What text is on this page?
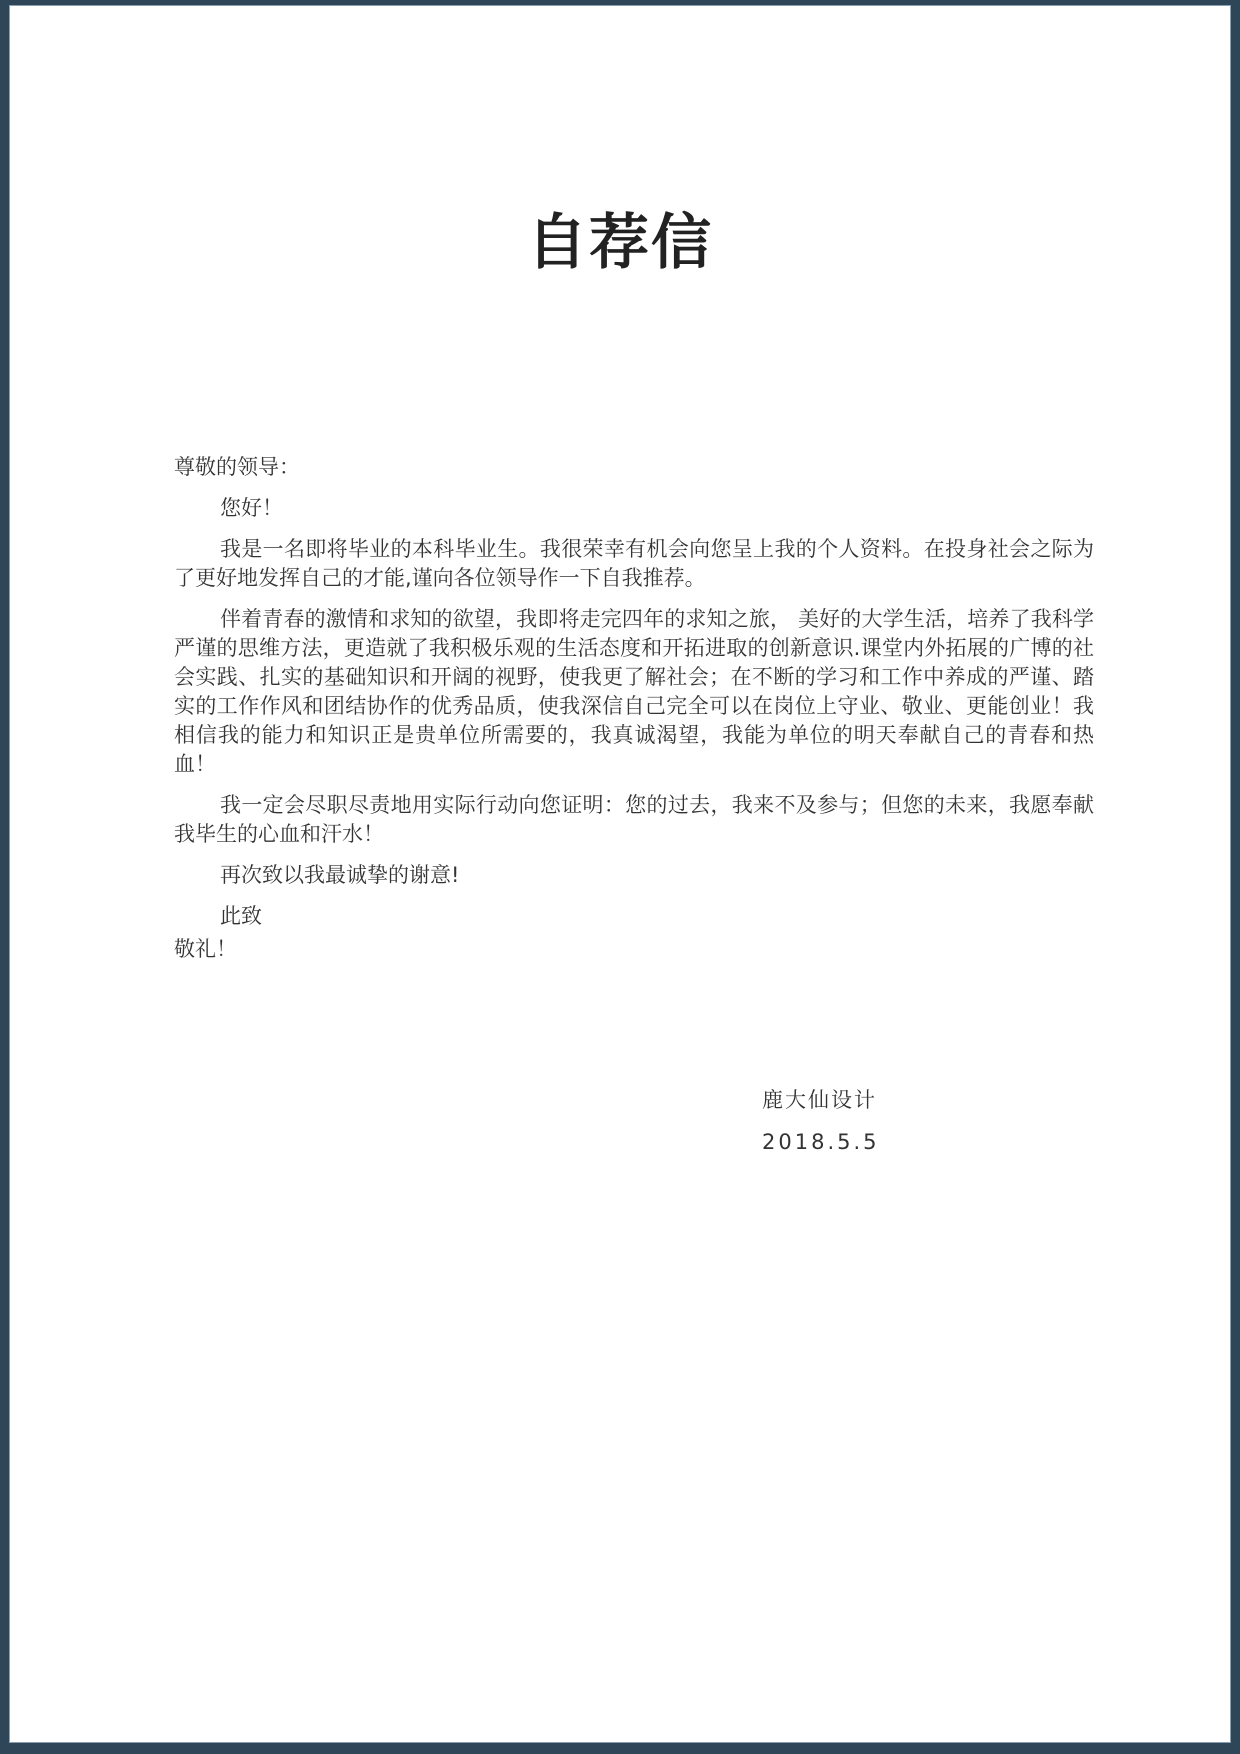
自荐信

尊敬的领导：

您好！

我是一名即将毕业的本科毕业生。我很荣幸有机会向您呈上我的个人资料。在投身社会之际为了更好地发挥自己的才能,谨向各位领导作一下自我推荐。

伴着青春的激情和求知的欲望，我即将走完四年的求知之旅， 美好的大学生活，培养了我科学严谨的思维方法，更造就了我积极乐观的生活态度和开拓进取的创新意识.课堂内外拓展的广博的社会实践、扎实的基础知识和开阔的视野，使我更了解社会；在不断的学习和工作中养成的严谨、踏实的工作作风和团结协作的优秀品质，使我深信自己完全可以在岗位上守业、敬业、更能创业！我相信我的能力和知识正是贵单位所需要的，我真诚渴望，我能为单位的明天奉献自己的青春和热血！

我一定会尽职尽责地用实际行动向您证明：您的过去，我来不及参与；但您的未来，我愿奉献我毕生的心血和汗水！

再次致以我最诚挚的谢意!

此致

敬礼！

鹿大仙设计
2018.5.5
